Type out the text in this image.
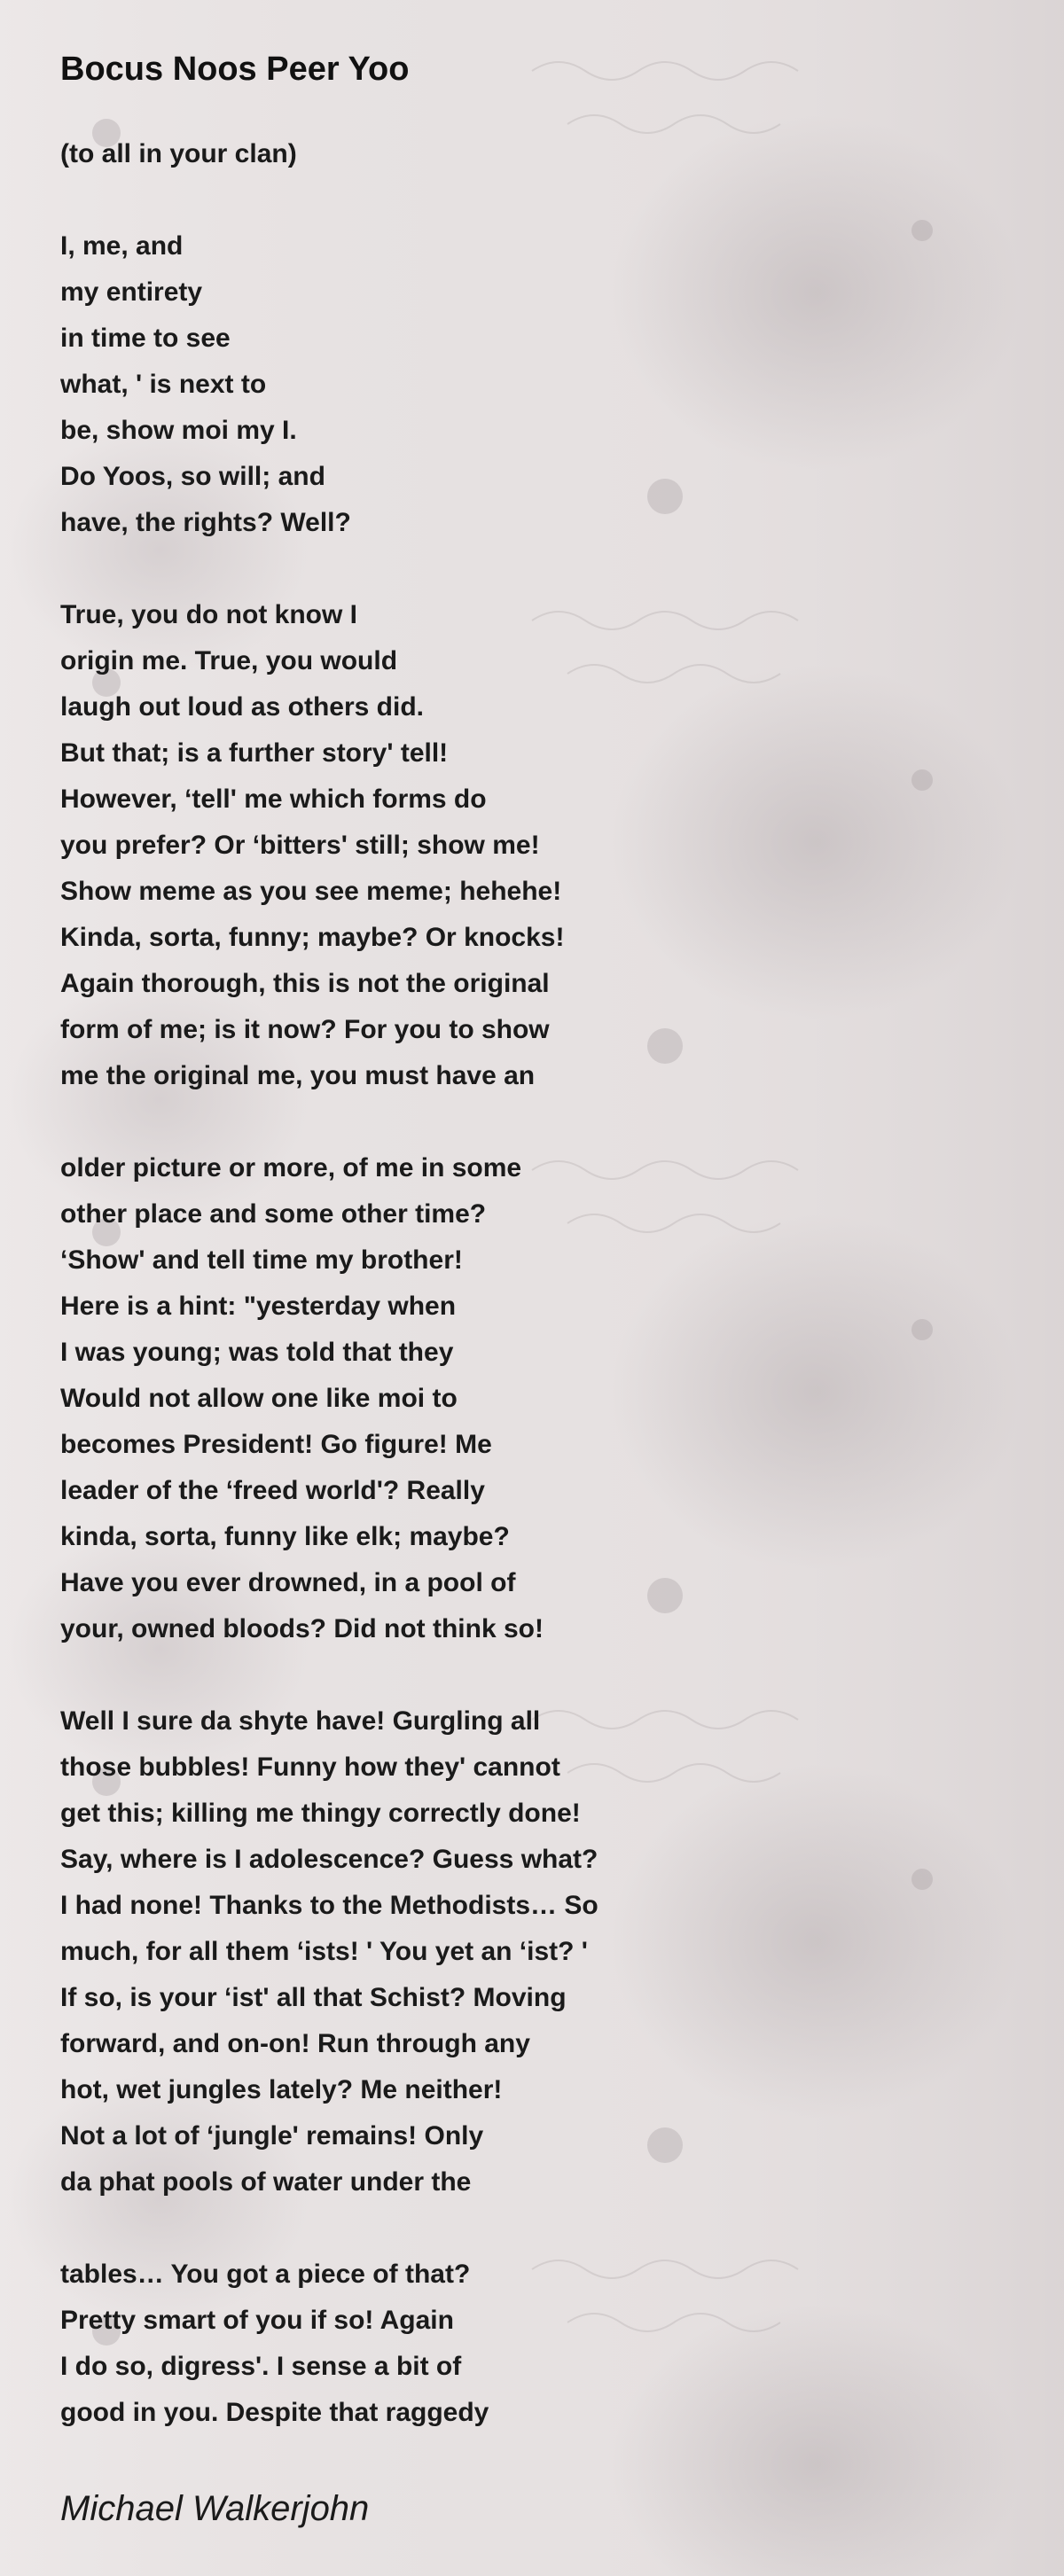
Bocus Noos Peer Yoo
(to all in your clan)
I, me, and
my entirety
in time to see
what, ' is next to
be, show moi my I.
Do Yoos, so will; and
have, the rights? Well?
True, you do not know I
origin me. True, you would
laugh out loud as others did.
But that; is a further story' tell!
However, ‘tell' me which forms do
you prefer? Or ‘bitters' still; show me!
Show meme as you see meme; hehehe!
Kinda, sorta, funny; maybe? Or knocks!
Again thorough, this is not the original
form of me; is it now? For you to show
me the original me, you must have an
older picture or more, of me in some
other place and some other time?
‘Show' and tell time my brother!
Here is a hint: "yesterday when
I was young; was told that they
Would not allow one like moi to
becomes President! Go figure! Me
leader of the ‘freed world'? Really
kinda, sorta, funny like elk; maybe?
Have you ever drowned, in a pool of
your, owned bloods? Did not think so!
Well I sure da shyte have! Gurgling all
those bubbles! Funny how they' cannot
get this; killing me thingy correctly done!
Say, where is I adolescence? Guess what?
I had none! Thanks to the Methodists… So
much, for all them ‘ists! ' You yet an ‘ist? '
If so, is your ‘ist' all that Schist? Moving
forward, and on-on! Run through any
hot, wet jungles lately? Me neither!
Not a lot of ‘jungle' remains! Only
da phat pools of water under the
tables… You got a piece of that?
Pretty smart of you if so! Again
I do so, digress'. I sense a bit of
good in you. Despite that raggedy
Michael Walkerjohn
